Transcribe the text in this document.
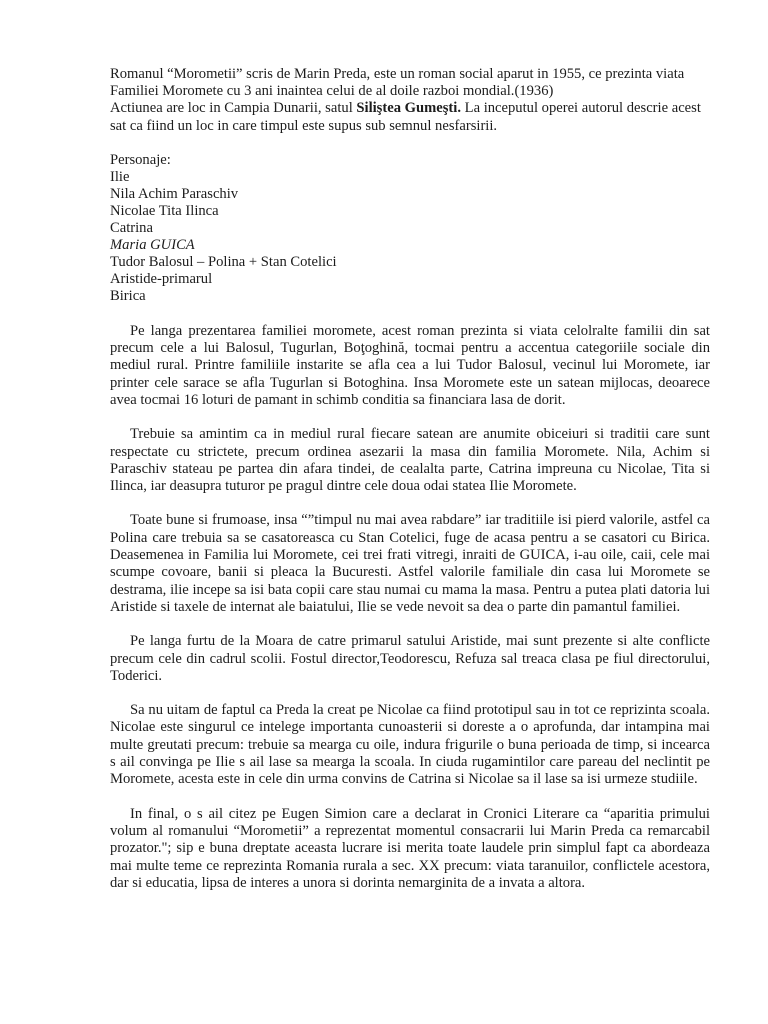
Romanul “Morometii” scris de Marin Preda, este un roman social aparut in 1955, ce prezinta viata Familiei Moromete cu 3 ani inaintea celui de al doile razboi mondial.(1936)

Actiunea are loc in Campia Dunarii, satul Siliştea Gumeşti. La inceputul operei autorul descrie acest sat ca fiind un loc in care timpul este supus sub semnul nesfarsirii.

Personaje:
Ilie
Nila Achim Paraschiv
Nicolae Tita Ilinca
Catrina
Maria GUICA
Tudor Balosul – Polina + Stan Cotelici
Aristide-primarul
Birica

Pe langa prezentarea familiei moromete, acest roman prezinta si viata celolralte familii din sat precum cele a lui Balosul, Tugurlan, Boţoghină, tocmai pentru a accentua categoriile sociale din mediul rural. Printre familiile instarite se afla cea a lui Tudor Balosul, vecinul lui Moromete, iar printer cele sarace se afla Tugurlan si Botoghina. Insa Moromete este un satean mijlocas, deoarece avea tocmai 16 loturi de pamant in schimb conditia sa financiara lasa de dorit.

Trebuie sa amintim ca in mediul rural fiecare satean are anumite obiceiuri si traditii care sunt respectate cu strictete, precum ordinea asezarii la masa din familia Moromete. Nila, Achim si Paraschiv stateau pe partea din afara tindei, de cealalta parte, Catrina impreuna cu Nicolae, Tita si Ilinca, iar deasupra tuturor pe pragul dintre cele doua odai statea Ilie Moromete.

Toate bune si frumoase, insa “”timpul nu mai avea rabdare” iar traditiile isi pierd valorile, astfel ca Polina care trebuia sa se casatoreasca cu Stan Cotelici, fuge de acasa pentru a se casatori cu Birica. Deasemenea in Familia lui Moromete, cei trei frati vitregi, inraiti de GUICA, i-au oile, caii, cele mai scumpe covoare, banii si pleaca la Bucuresti. Astfel valorile familiale din casa lui Moromete se destrama, ilie incepe sa isi bata copii care stau numai cu mama la masa. Pentru a putea plati datoria lui Aristide si taxele de internat ale baiatului, Ilie se vede nevoit sa dea o parte din pamantul familiei.

Pe langa furtu de la Moara de catre primarul satului Aristide, mai sunt prezente si alte conflicte precum cele din cadrul scolii. Fostul director,Teodorescu, Refuza sal treaca clasa pe fiul directorului, Toderici.

Sa nu uitam de faptul ca Preda la creat pe Nicolae ca fiind prototipul sau in tot ce reprizinta scoala. Nicolae este singurul ce intelege importanta cunoasterii si doreste a o aprofunda, dar intampina mai multe greutati precum: trebuie sa mearga cu oile, indura frigurile o buna perioada de timp, si incearca s ail convinga pe Ilie s ail lase sa mearga la scoala. In ciuda rugamintilor care pareau del neclintit pe Moromete, acesta este in cele din urma convins de Catrina si Nicolae sa il lase sa isi urmeze studiile.

In final, o s ail citez pe Eugen Simion care a declarat in Cronici Literare ca “aparitia primului volum al romanului “Morometii” a reprezentat momentul consacrarii lui Marin Preda ca remarcabil prozator."; sip e buna dreptate aceasta lucrare isi merita toate laudele prin simplul fapt ca abordeaza mai multe teme ce reprezinta Romania rurala a sec. XX precum: viata taranuilor, conflictele acestora, dar si educatia, lipsa de interes a unora si dorinta nemarginita de a invata a altora.
